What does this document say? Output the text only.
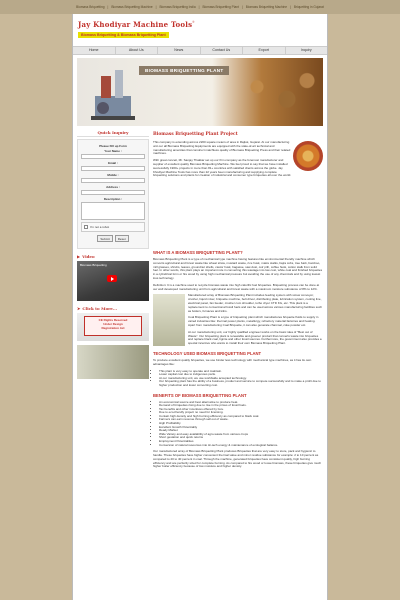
Biomass Briquetting | Biomass Briquetting Machine | Biomass Briquetting India | Biomass Briquetting Plant | Biomass Briquetting Machine | Briquetting in Gujarat
Jay Khodiyar Machine Tools®
Biomass Briquetting & Biomass Briquetting Plant
Home	About Us	News	Contact Us	Export	Inquiry
BIOMASS BRIQUETTING PLANT
Quick Inquiry
Please Fill up Form
Your Name :
Email :
Mobile :
Address :
Description :
I'm not a robot
Submit	Reset
▶ Video
Biomass Briquetting
➤ Click to More...
CE Rights Reserved
Under Design
Registration Act
Biomass Briquetting Plant Project

This company is extending across 2200 square meters of area in Rajkot, Gujarat. At our manufacturing unit our all Biomass Briquetting Equipments are equipped with the state-of-art technical and manufacturing amenities that construct matchless quality of Biomass Briquetting Press and their related machines.

With great conceit, Mr. Sanjay Thakkar set up our firm company as the foremost manufacturer and supplier of excellent quality Biomass Briquetting Machine. We feel proud to say that we have installed successfully 1900+ projects in more than 81+ countries with satisfied clients across the globe. Jay Khodiyar Machine Tools has more than 22 years been manufacturing and supplying complete briquetting solutions and plants for creation of industrial and consumer type briquettes all over the world.

WHAT IS A BIOMASS BRIQUETTING PLANT?

Biomass Briquetting Plant is a type of mechanical type machine having features like environmental friendly machine which converts agricultural and forest waste like wheat straw, mustard waste, rice husk, maize stalks, bajra cobs, tree bark, bamboo, mill grasses, shrubs, leaves, groundnut shells, castor husk, bagasse, saw dust, coir pith, coffee husk, cotton stalk from solid fuel. In other words, this plant plays an important role in converting this wastage into low cost, white coal and finished briquettes in a cylindrical form or fire wood by using high mechanical pressure but avoiding the use of any chemicals and by using lowest loss technology.

Definition: It is a machine used to recycle biomass waste into high calorific fuel briquettes. Briquetting process can be done at our well developed manufacturing unit from agricultural and forest waste with a maximum moisture substance of 8% to 12%.

Manufactured array of Biomass Briquetting Plant includes feeding system with screw conveyor, crusher, liquid mixer, briquette machine, belt driver, distributing plate, lubrication system, cooling line, electrical panel, fan feeder, crusher cum shredder, turbo dryer CTD KG, etc. This plant is a replacement to conventional fossil fuels and can be used across various manufacturing facilities such as boilers, furnaces and kilns.

Coal Briquetting Plant is a type of briquetting plant which manufactures briquette fluids to supply in varied industries like: thermal power plants, metallurgy, refractory material factories and heating. Apart from manufacturing Coal Briquette, it can also generate charcoal, coke powder etc.

At our manufacturing unit, our highly qualified engineer works on the basic idea of "Best out of Waste". Our briquetting plant is renewable and greener product that converts waste into briquettes and replace black coal, lignite and other fossil sources. Furthermore, the government also provides a special incentive who wants to install their own Biomass Briquetting Plant.

TECHNOLOGY USED BIOMASS BRIQUETTING PLANT

To produce excellent quality briquettes, we use binder less technology with mechanical type machines, as it has its own advantages like:

• This plant is very easy to operate and maintain.
• Lower capital cost due to indigenous parts.
• At our manufacturing unit, we use worldwide accepted technology.
• Our briquetting plant has the ability of a business, product and service to compete successfully and to make a profit due to higher production and lower converting cost.
BENEFITS OF BIOMASS BRIQUETTING PLANT
• An economical source and best alternative to produce heat.
• Demand of briquettes rising due to rise in the prices of fossil fuels.
• Tax benefits and other incentives offered by Gov.
• Due to eco-friendly project no need for licensing.
• Contain high density and high burning efficiency as compared to black coal.
• Farmers can earn revenue through sell out of waste.
• High Profitability
• Excellent Growth Potentiality
• Ready Market
• Wide Variety and easy availability of agro-waste from various crops
• Short gestation and quick returns
• Employment Potentialities
• Conversion of natural resources into Hi-tech energy & maintenance of ecological balance.

Our manufactured array of Biomass Briquetting Plant produces Briquettes that are very easy to store, pack and hygienic to handle. These briquettes have higher convenient thermal value and minor residue substance for example: 2 to 10 percent as compared to 20 to 40 percent in coal. Through the machine, generated briquettes have consistent quality, high burning efficiency and are perfectly sized for complete burning. As compared to fire wood or loose biomass, these briquettes give much higher boiler efficiency because of low moisture and higher density.
